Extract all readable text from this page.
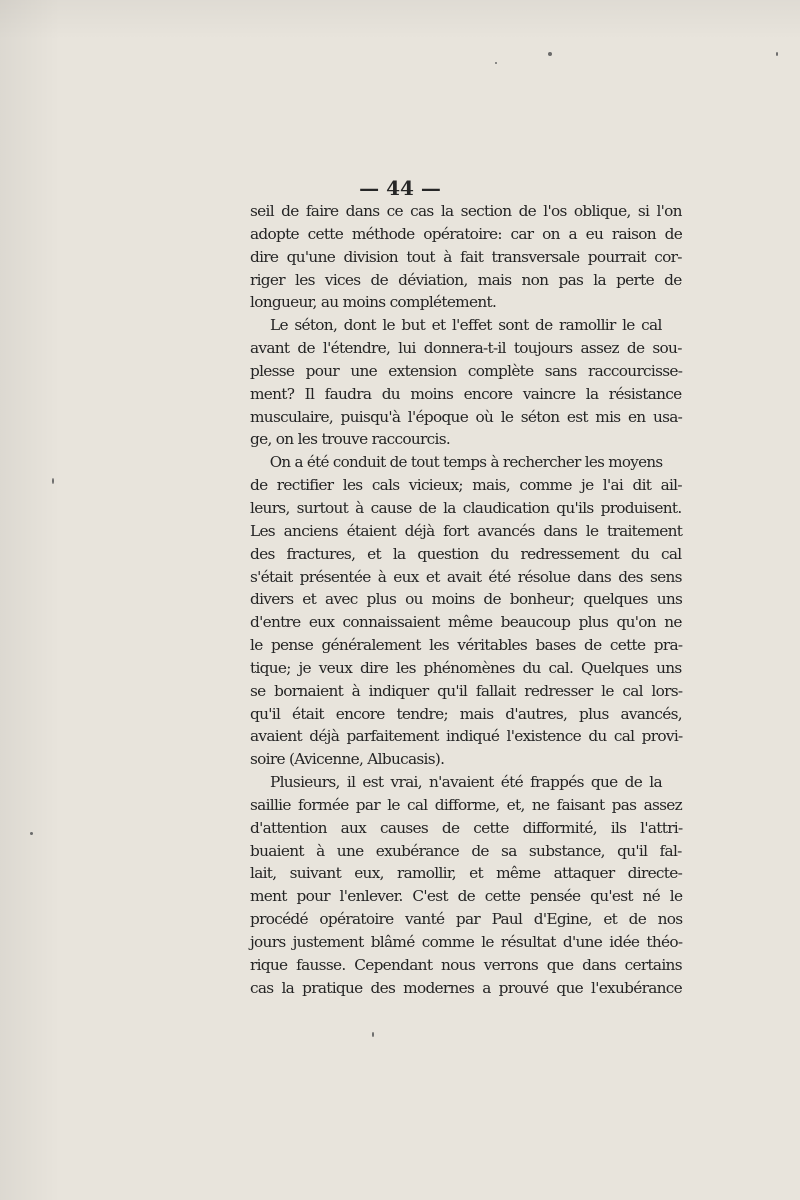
— 44 —

seil de faire dans ce cas la section de l'os oblique, si l'on
adopte cette méthode opératoire: car on a eu raison de
dire qu'une division tout à fait transversale pourrait cor-
riger les vices de déviation, mais non pas la perte de
longueur, au moins complétement.

Le séton, dont le but et l'effet sont de ramollir le cal
avant de l'étendre, lui donnera-t-il toujours assez de sou-
plesse pour une extension complète sans raccourcisse-
ment? Il faudra du moins encore vaincre la résistance
musculaire, puisqu'à l'époque où le séton est mis en usa-
ge, on les trouve raccourcis.

On a été conduit de tout temps à rechercher les moyens
de rectifier les cals vicieux; mais, comme je l'ai dit ail-
leurs, surtout à cause de la claudication qu'ils produisent.
Les anciens étaient déjà fort avancés dans le traitement
des fractures, et la question du redressement du cal
s'était présentée à eux et avait été résolue dans des sens
divers et avec plus ou moins de bonheur; quelques uns
d'entre eux connaissaient même beaucoup plus qu'on ne
le pense généralement les véritables bases de cette pra-
tique; je veux dire les phénomènes du cal. Quelques uns
se bornaient à indiquer qu'il fallait redresser le cal lors-
qu'il était encore tendre; mais d'autres, plus avancés,
avaient déjà parfaitement indiqué l'existence du cal provi-
soire (Avicenne, Albucasis).

Plusieurs, il est vrai, n'avaient été frappés que de la
saillie formée par le cal difforme, et, ne faisant pas assez
d'attention aux causes de cette difformité, ils l'attri-
buaient à une exubérance de sa substance, qu'il fal-
lait, suivant eux, ramollir, et même attaquer directe-
ment pour l'enlever. C'est de cette pensée qu'est né le
procédé opératoire vanté par Paul d'Egine, et de nos
jours justement blâmé comme le résultat d'une idée théo-
rique fausse. Cependant nous verrons que dans certains
cas la pratique des modernes a prouvé que l'exubérance
